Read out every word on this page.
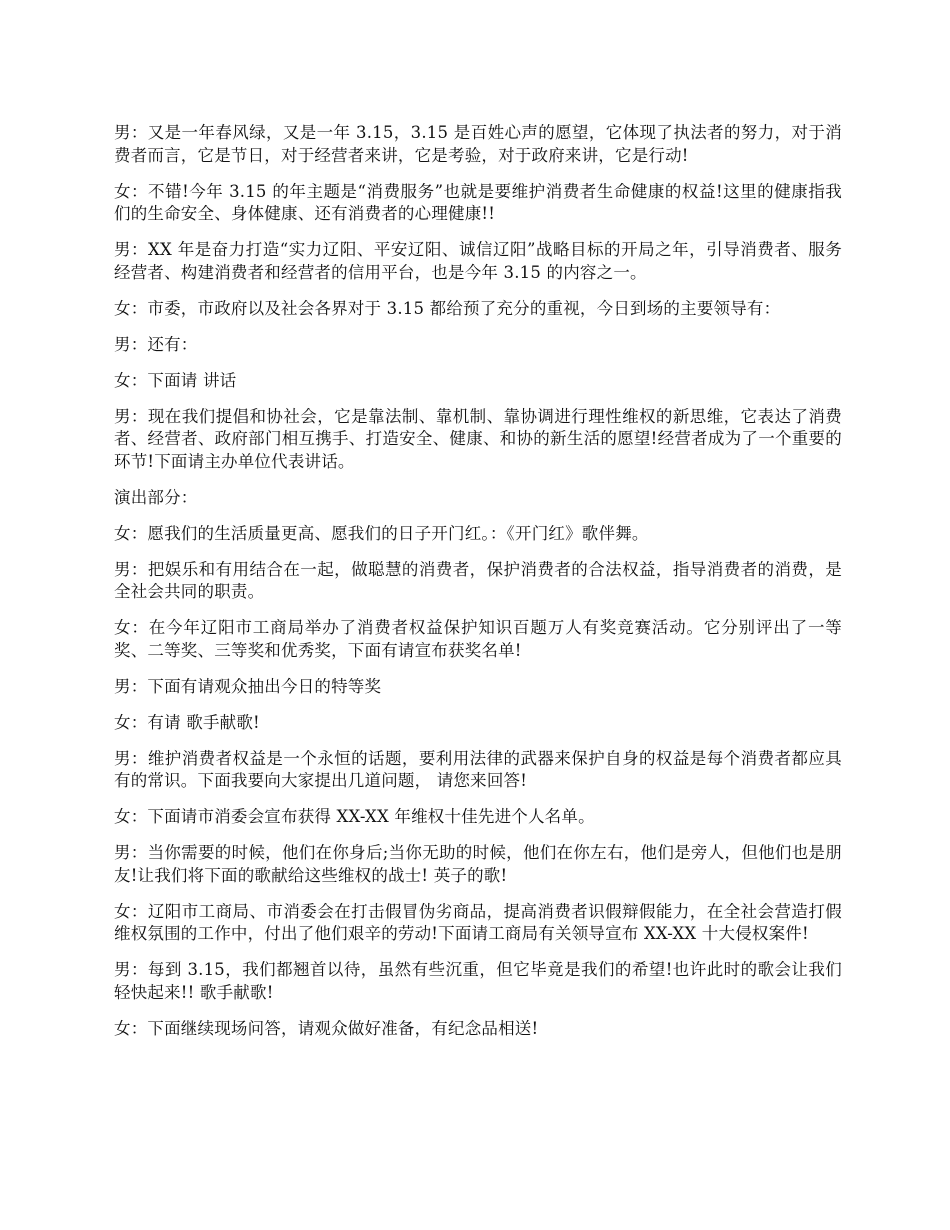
男：又是一年春风绿，又是一年 3.15，3.15 是百姓心声的愿望，它体现了执法者的努力，对于消费者而言，它是节日，对于经营者来讲，它是考验，对于政府来讲，它是行动!

女：不错!今年 3.15 的年主题是“消费服务”也就是要维护消费者生命健康的权益!这里的健康指我们的生命安全、身体健康、还有消费者的心理健康!!

男：XX 年是奋力打造“实力辽阳、平安辽阳、诚信辽阳”战略目标的开局之年，引导消费者、服务经营者、构建消费者和经营者的信用平台，也是今年 3.15 的内容之一。

女：市委，市政府以及社会各界对于 3.15 都给预了充分的重视，今日到场的主要领导有：

男：还有：

女：下面请 讲话

男：现在我们提倡和协社会，它是靠法制、靠机制、靠协调进行理性维权的新思维，它表达了消费者、经营者、政府部门相互携手、打造安全、健康、和协的新生活的愿望!经营者成为了一个重要的环节!下面请主办单位代表讲话。

演出部分：

女：愿我们的生活质量更高、愿我们的日子开门红。：《开门红》歌伴舞。

男：把娱乐和有用结合在一起，做聪慧的消费者，保护消费者的合法权益，指导消费者的消费，是全社会共同的职责。

女：在今年辽阳市工商局举办了消费者权益保护知识百题万人有奖竞赛活动。它分别评出了一等奖、二等奖、三等奖和优秀奖，下面有请宣布获奖名单!

男：下面有请观众抽出今日的特等奖

女：有请 歌手献歌!

男：维护消费者权益是一个永恒的话题，要利用法律的武器来保护自身的权益是每个消费者都应具有的常识。下面我要向大家提出几道问题， 请您来回答!

女：下面请市消委会宣布获得 XX-XX 年维权十佳先进个人名单。

男：当你需要的时候，他们在你身后;当你无助的时候，他们在你左右，他们是旁人，但他们也是朋友!让我们将下面的歌献给这些维权的战士! 英子的歌!

女：辽阳市工商局、市消委会在打击假冒伪劣商品，提高消费者识假辩假能力，在全社会营造打假维权氛围的工作中，付出了他们艰辛的劳动!下面请工商局有关领导宣布 XX-XX 十大侵权案件!

男：每到 3.15，我们都翘首以待，虽然有些沉重，但它毕竟是我们的希望!也许此时的歌会让我们轻快起来!! 歌手献歌!

女：下面继续现场问答，请观众做好准备，有纪念品相送!
